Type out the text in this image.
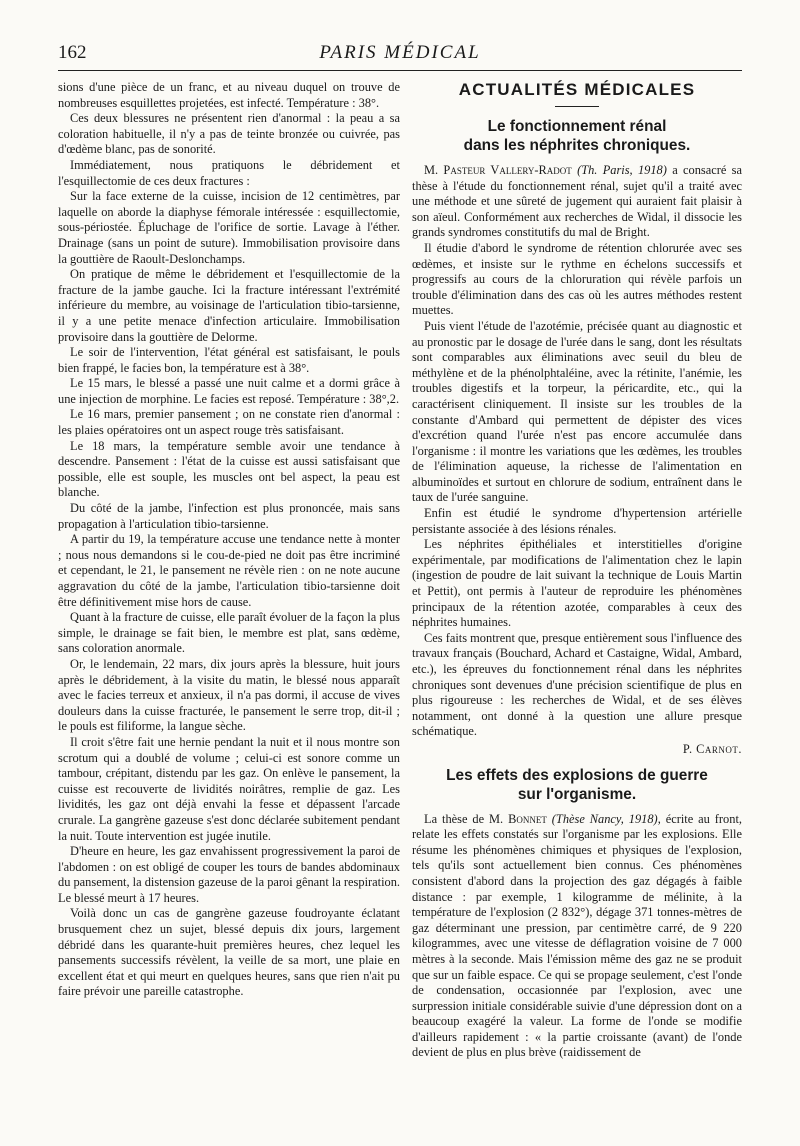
162	PARIS MÉDICAL

sions d'une pièce de un franc, et au niveau duquel on trouve de nombreuses esquillettes projetées, est infecté. Température : 38°.

Ces deux blessures ne présentent rien d'anormal : la peau a sa coloration habituelle, il n'y a pas de teinte bronzée ou cuivrée, pas d'œdème blanc, pas de sonorité.

Immédiatement, nous pratiquons le débridement et l'esquillectomie de ces deux fractures :

Sur la face externe de la cuisse, incision de 12 centimètres, par laquelle on aborde la diaphyse fémorale intéressée : esquillectomie, sous-périostée. Épluchage de l'orifice de sortie. Lavage à l'éther. Drainage (sans un point de suture). Immobilisation provisoire dans la gouttière de Raoult-Deslonchamps.

On pratique de même le débridement et l'esquillectomie de la fracture de la jambe gauche. Ici la fracture intéressant l'extrémité inférieure du membre, au voisinage de l'articulation tibio-tarsienne, il y a une petite menace d'infection articulaire. Immobilisation provisoire dans la gouttière de Delorme.

Le soir de l'intervention, l'état général est satisfaisant, le pouls bien frappé, le facies bon, la température est à 38°.

Le 15 mars, le blessé a passé une nuit calme et a dormi grâce à une injection de morphine. Le facies est reposé. Température : 38°,2.

Le 16 mars, premier pansement ; on ne constate rien d'anormal : les plaies opératoires ont un aspect rouge très satisfaisant.

Le 18 mars, la température semble avoir une tendance à descendre. Pansement : l'état de la cuisse est aussi satisfaisant que possible, elle est souple, les muscles ont bel aspect, la peau est blanche.

Du côté de la jambe, l'infection est plus prononcée, mais sans propagation à l'articulation tibio-tarsienne.

A partir du 19, la température accuse une tendance nette à monter ; nous nous demandons si le cou-de-pied ne doit pas être incriminé et cependant, le 21, le pansement ne révèle rien : on ne note aucune aggravation du côté de la jambe, l'articulation tibio-tarsienne doit être définitivement mise hors de cause.

Quant à la fracture de cuisse, elle paraît évoluer de la façon la plus simple, le drainage se fait bien, le membre est plat, sans œdème, sans coloration anormale.

Or, le lendemain, 22 mars, dix jours après la blessure, huit jours après le débridement, à la visite du matin, le blessé nous apparaît avec le facies terreux et anxieux, il n'a pas dormi, il accuse de vives douleurs dans la cuisse fracturée, le pansement le serre trop, dit-il ; le pouls est filiforme, la langue sèche.

Il croit s'être fait une hernie pendant la nuit et il nous montre son scrotum qui a doublé de volume ; celui-ci est sonore comme un tambour, crépitant, distendu par les gaz. On enlève le pansement, la cuisse est recouverte de lividités noirâtres, remplie de gaz. Les lividités, les gaz ont déjà envahi la fesse et dépassent l'arcade crurale. La gangrène gazeuse s'est donc déclarée subitement pendant la nuit. Toute intervention est jugée inutile.

D'heure en heure, les gaz envahissent progressivement la paroi de l'abdomen : on est obligé de couper les tours de bandes abdominaux du pansement, la distension gazeuse de la paroi gênant la respiration. Le blessé meurt à 17 heures.

Voilà donc un cas de gangrène gazeuse foudroyante éclatant brusquement chez un sujet, blessé depuis dix jours, largement débridé dans les quarante-huit premières heures, chez lequel les pansements successifs révèlent, la veille de sa mort, une plaie en excellent état et qui meurt en quelques heures, sans que rien n'ait pu faire prévoir une pareille catastrophe.

ACTUALITÉS MÉDICALES
Le fonctionnement rénal
dans les néphrites chroniques.

M. Pasteur Vallery-Radot (Th. Paris, 1918) a consacré sa thèse à l'étude du fonctionnement rénal, sujet qu'il a traité avec une méthode et une sûreté de jugement qui auraient fait plaisir à son aïeul. Conformément aux recherches de Widal, il dissocie les grands syndromes constitutifs du mal de Bright.

Il étudie d'abord le syndrome de rétention chlorurée avec ses œdèmes, et insiste sur le rythme en échelons successifs et progressifs au cours de la chloruration qui révèle parfois un trouble d'élimination dans des cas où les autres méthodes restent muettes.

Puis vient l'étude de l'azotémie, précisée quant au diagnostic et au pronostic par le dosage de l'urée dans le sang, dont les résultats sont comparables aux éliminations avec seuil du bleu de méthylène et de la phénolphtaléine, avec la rétinite, l'anémie, les troubles digestifs et la torpeur, la péricardite, etc., qui la caractérisent cliniquement. Il insiste sur les troubles de la constante d'Ambard qui permettent de dépister des vices d'excrétion quand l'urée n'est pas encore accumulée dans l'organisme : il montre les variations que les œdèmes, les troubles de l'élimination aqueuse, la richesse de l'alimentation en albuminoïdes et surtout en chlorure de sodium, entraînent dans le taux de l'urée sanguine.

Enfin est étudié le syndrome d'hypertension artérielle persistante associée à des lésions rénales.

Les néphrites épithéliales et interstitielles d'origine expérimentale, par modifications de l'alimentation chez le lapin (ingestion de poudre de lait suivant la technique de Louis Martin et Pettit), ont permis à l'auteur de reproduire les phénomènes principaux de la rétention azotée, comparables à ceux des néphrites humaines.

Ces faits montrent que, presque entièrement sous l'influence des travaux français (Bouchard, Achard et Castaigne, Widal, Ambard, etc.), les épreuves du fonctionnement rénal dans les néphrites chroniques sont devenues d'une précision scientifique de plus en plus rigoureuse : les recherches de Widal, et de ses élèves notamment, ont donné à la question une allure presque schématique.

P. Carnot.

Les effets des explosions de guerre
sur l'organisme.

La thèse de M. Bonnet (Thèse Nancy, 1918), écrite au front, relate les effets constatés sur l'organisme par les explosions. Elle résume les phénomènes chimiques et physiques de l'explosion, tels qu'ils sont actuellement bien connus. Ces phénomènes consistent d'abord dans la projection des gaz dégagés à faible distance : par exemple, 1 kilogramme de mélinite, à la température de l'explosion (2 832°), dégage 371 tonnes-mètres de gaz déterminant une pression, par centimètre carré, de 9 220 kilogrammes, avec une vitesse de déflagration voisine de 7 000 mètres à la seconde. Mais l'émission même des gaz ne se produit que sur un faible espace. Ce qui se propage seulement, c'est l'onde de condensation, occasionnée par l'explosion, avec une surpression initiale considérable suivie d'une dépression dont on a beaucoup exagéré la valeur. La forme de l'onde se modifie d'ailleurs rapidement : « la partie croissante (avant) de l'onde devient de plus en plus brève (raidissement de
